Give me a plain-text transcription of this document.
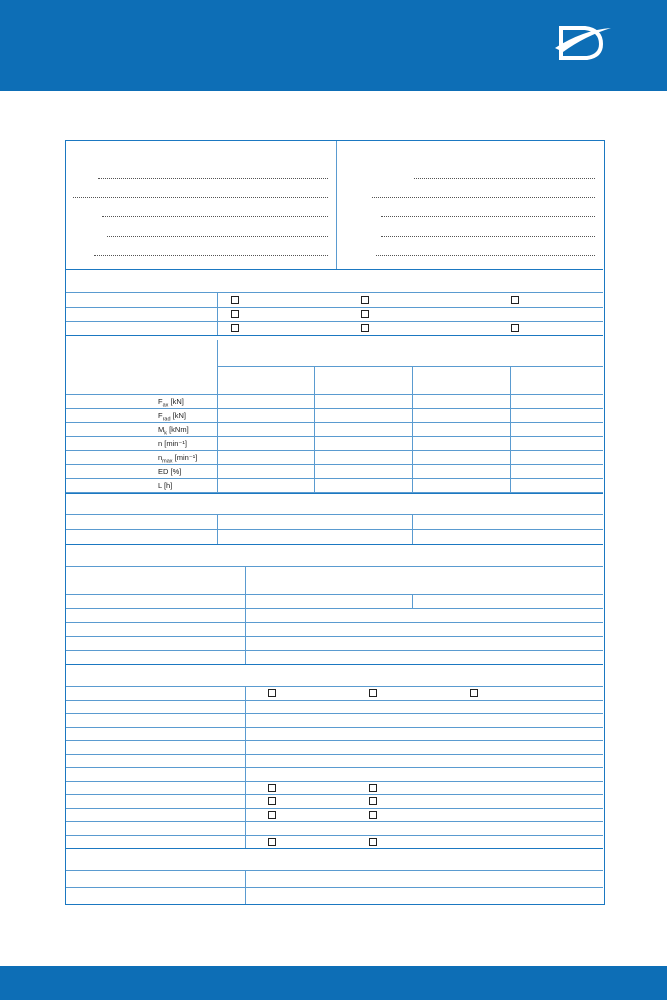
$F_{ax}$ [kN]
$F_{rad}$ [kN]
$M_k$ [kNm]
n [min⁻¹]
$n_{max}$ [min⁻¹]
ED [%]
L [h]
